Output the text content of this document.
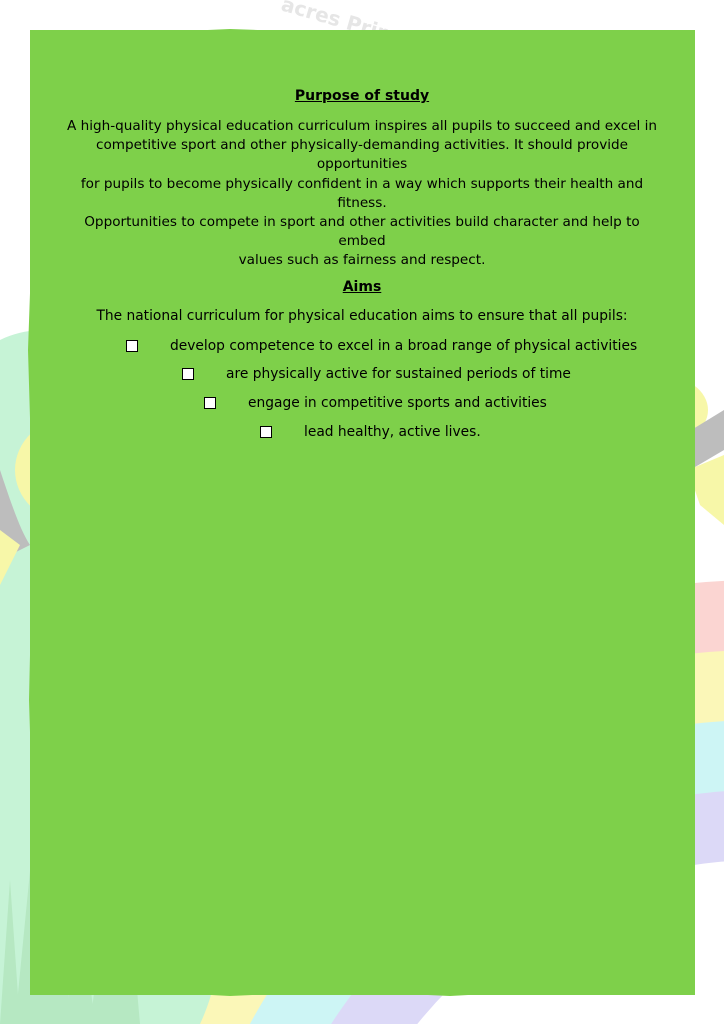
Purpose of study
A high-quality physical education curriculum inspires all pupils to succeed and excel in
competitive sport and other physically-demanding activities. It should provide opportunities
for pupils to become physically confident in a way which supports their health and fitness.
Opportunities to compete in sport and other activities build character and help to embed
values such as fairness and respect.
Aims
The national curriculum for physical education aims to ensure that all pupils:
develop competence to excel in a broad range of physical activities
are physically active for sustained periods of time
engage in competitive sports and activities
lead healthy, active lives.
